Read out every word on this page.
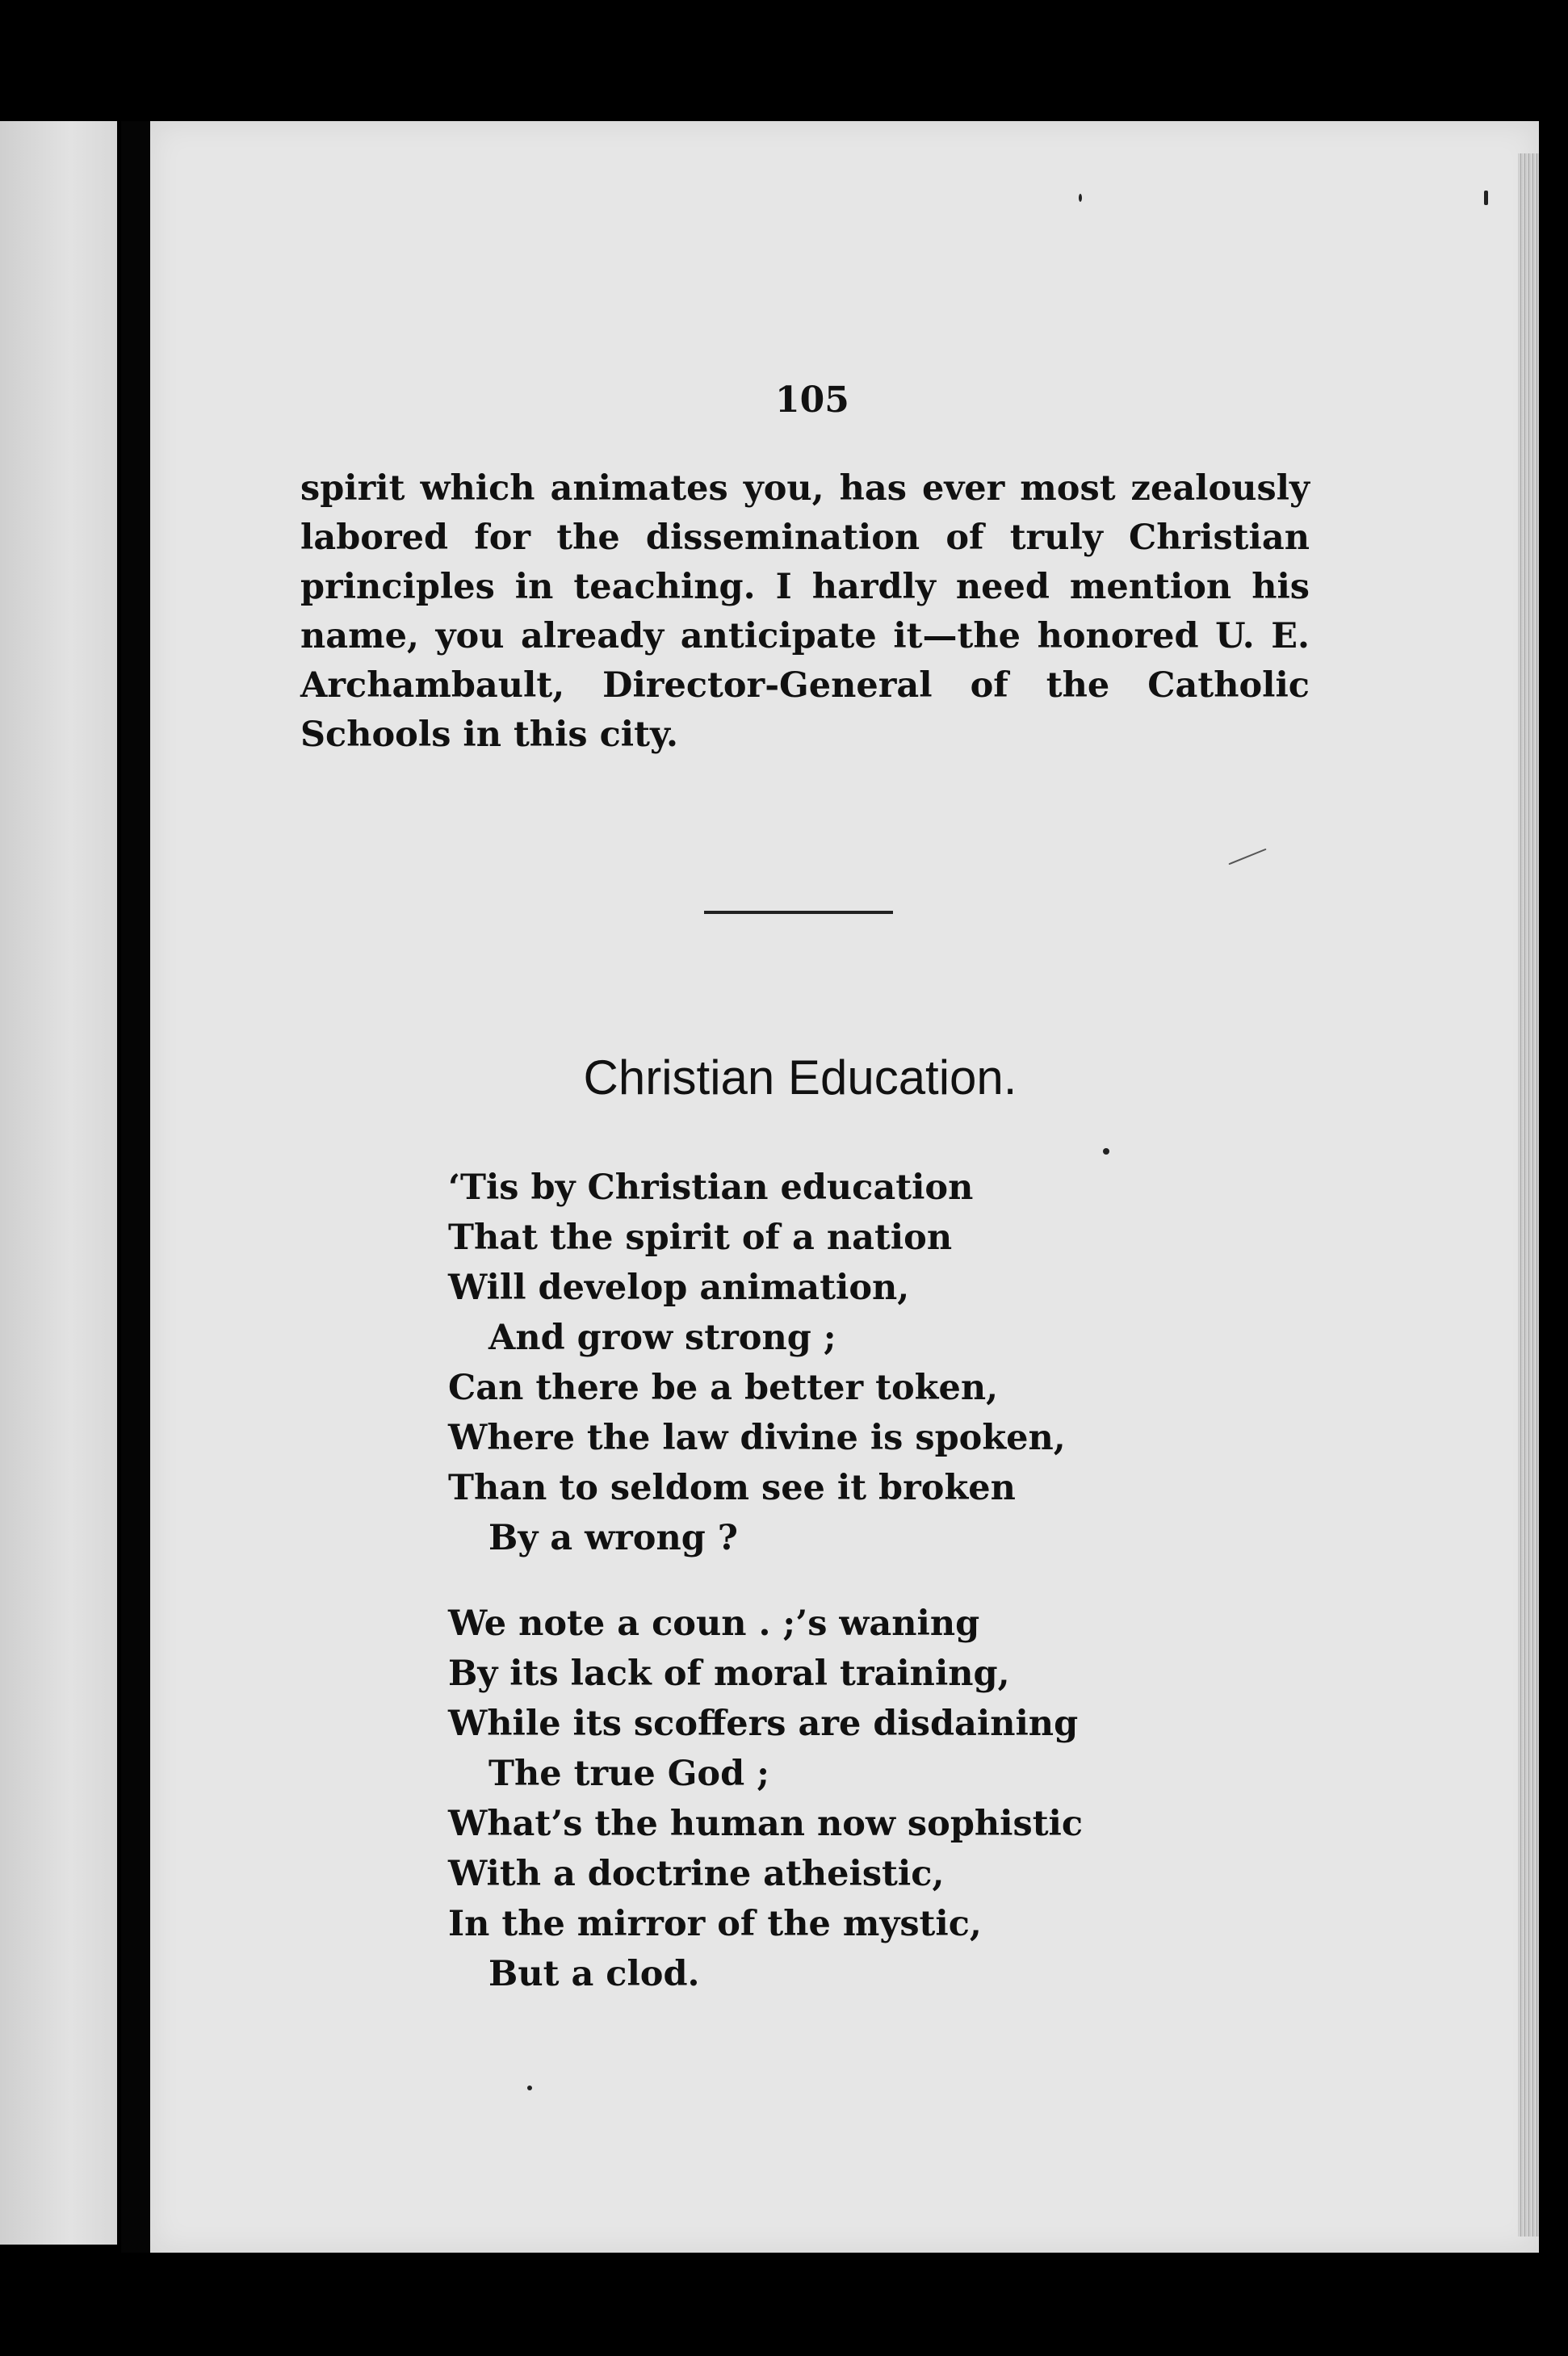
105
spirit which animates you, has ever most zealously
labored for the dissemination of truly Christian
principles in teaching. I hardly need mention his
name, you already anticipate it—the honored U. E.
Archambault, Director-General of the Catholic
Schools in this city.
Christian Education.
‘Tis by Christian education
That the spirit of a nation
Will develop animation,
And grow strong ;
Can there be a better token,
Where the law divine is spoken,
Than to seldom see it broken
By a wrong ?
We note a coun . ;’s waning
By its lack of moral training,
While its scoffers are disdaining
The true God ;
What’s the human now sophistic
With a doctrine atheistic,
In the mirror of the mystic,
But a clod.
